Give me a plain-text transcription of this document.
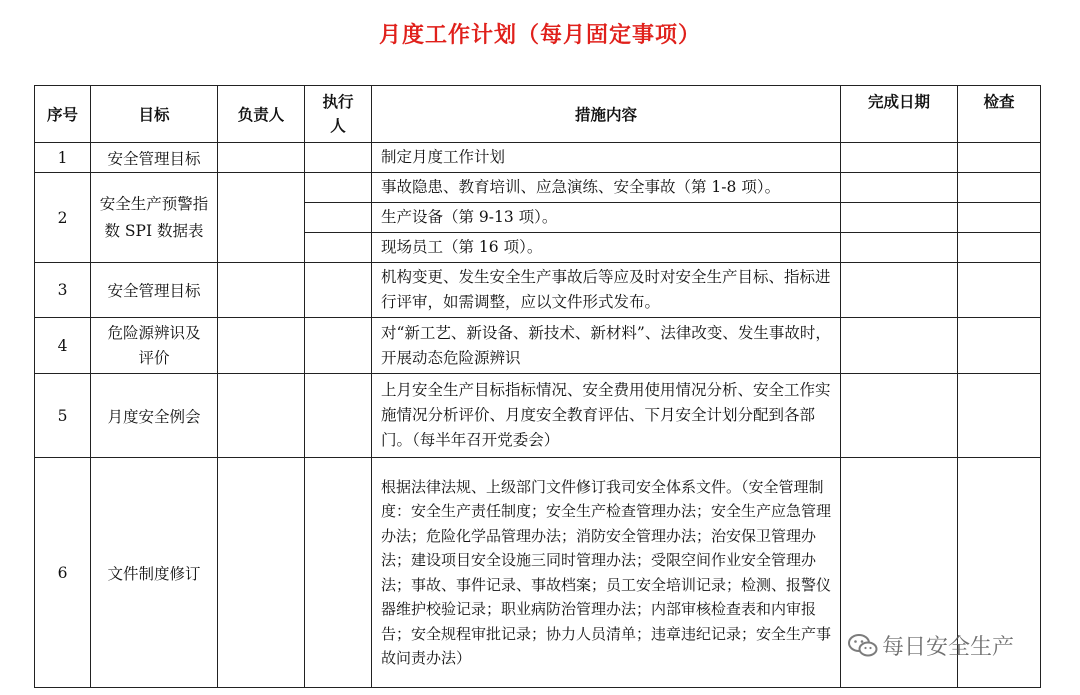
月度工作计划（每月固定事项）
序号	目标	负责人	执行人	措施内容	完成日期	检查
1	安全管理目标			制定月度工作计划		
2	安全生产预警指数 SPI 数据表			事故隐患、教育培训、应急演练、安全事故（第 1-8 项）。		
				生产设备（第 9-13 项）。		
				现场员工（第 16 项）。		
3	安全管理目标			机构变更、发生安全生产事故后等应及时对安全生产目标、指标进行评审，如需调整，应以文件形式发布。		
4	危险源辨识及评价			对“新工艺、新设备、新技术、新材料”、法律改变、发生事故时，开展动态危险源辨识		
5	月度安全例会			上月安全生产目标指标情况、安全费用使用情况分析、安全工作实施情况分析评价、月度安全教育评估、下月安全计划分配到各部门。（每半年召开党委会）		
6	文件制度修订			根据法律法规、上级部门文件修订我司安全体系文件。（安全管理制度：安全生产责任制度；安全生产检查管理办法；安全生产应急管理办法；危险化学品管理办法；消防安全管理办法；治安保卫管理办法；建设项目安全设施三同时管理办法；受限空间作业安全管理办法；事故、事件记录、事故档案；员工安全培训记录；检测、报警仪器维护校验记录；职业病防治管理办法；内部审核检查表和内审报告；安全规程审批记录；协力人员清单；违章违纪记录；安全生产事故问责办法）			每日安全生产
